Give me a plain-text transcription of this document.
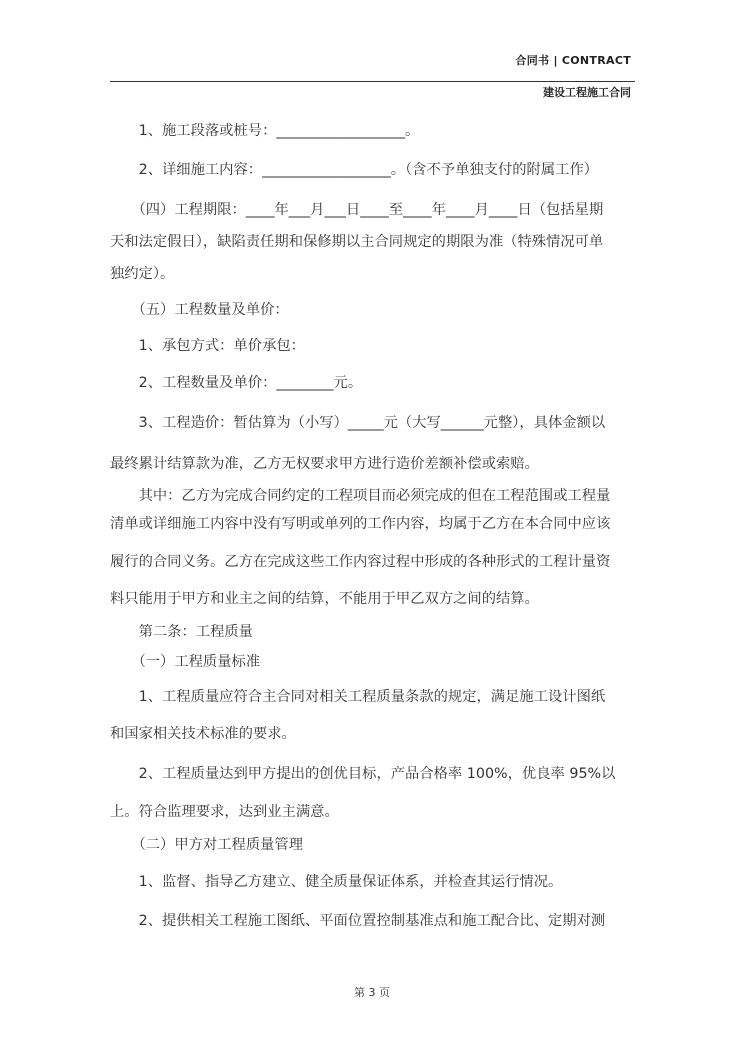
合同书 | CONTRACT
建设工程施工合同
　　1、施工段落或桩号：__________________。
　　2、详细施工内容：__________________。（含不予单独支付的附属工作）
　　（四）工程期限：____年___月___日____至____年____月____日（包括星期
天和法定假日），缺陷责任期和保修期以主合同规定的期限为准（特殊情况可单
独约定）。
　　（五）工程数量及单价：
　　1、承包方式：单价承包：
　　2、工程数量及单价：________元。
　　3、工程造价：暂估算为（小写）_____元（大写______元整），具体金额以
最终累计结算款为准，乙方无权要求甲方进行造价差额补偿或索赔。
　　其中：乙方为完成合同约定的工程项目而必须完成的但在工程范围或工程量
清单或详细施工内容中没有写明或单列的工作内容，均属于乙方在本合同中应该
履行的合同义务。乙方在完成这些工作内容过程中形成的各种形式的工程计量资
料只能用于甲方和业主之间的结算，不能用于甲乙双方之间的结算。
　　第二条：工程质量
　　（一）工程质量标准
　　1、工程质量应符合主合同对相关工程质量条款的规定，满足施工设计图纸
和国家相关技术标准的要求。
　　2、工程质量达到甲方提出的创优目标，产品合格率 100%，优良率 95%以
上。符合监理要求，达到业主满意。
　　（二）甲方对工程质量管理
　　1、监督、指导乙方建立、健全质量保证体系，并检查其运行情况。
　　2、提供相关工程施工图纸、平面位置控制基准点和施工配合比、定期对测
第 3 页
